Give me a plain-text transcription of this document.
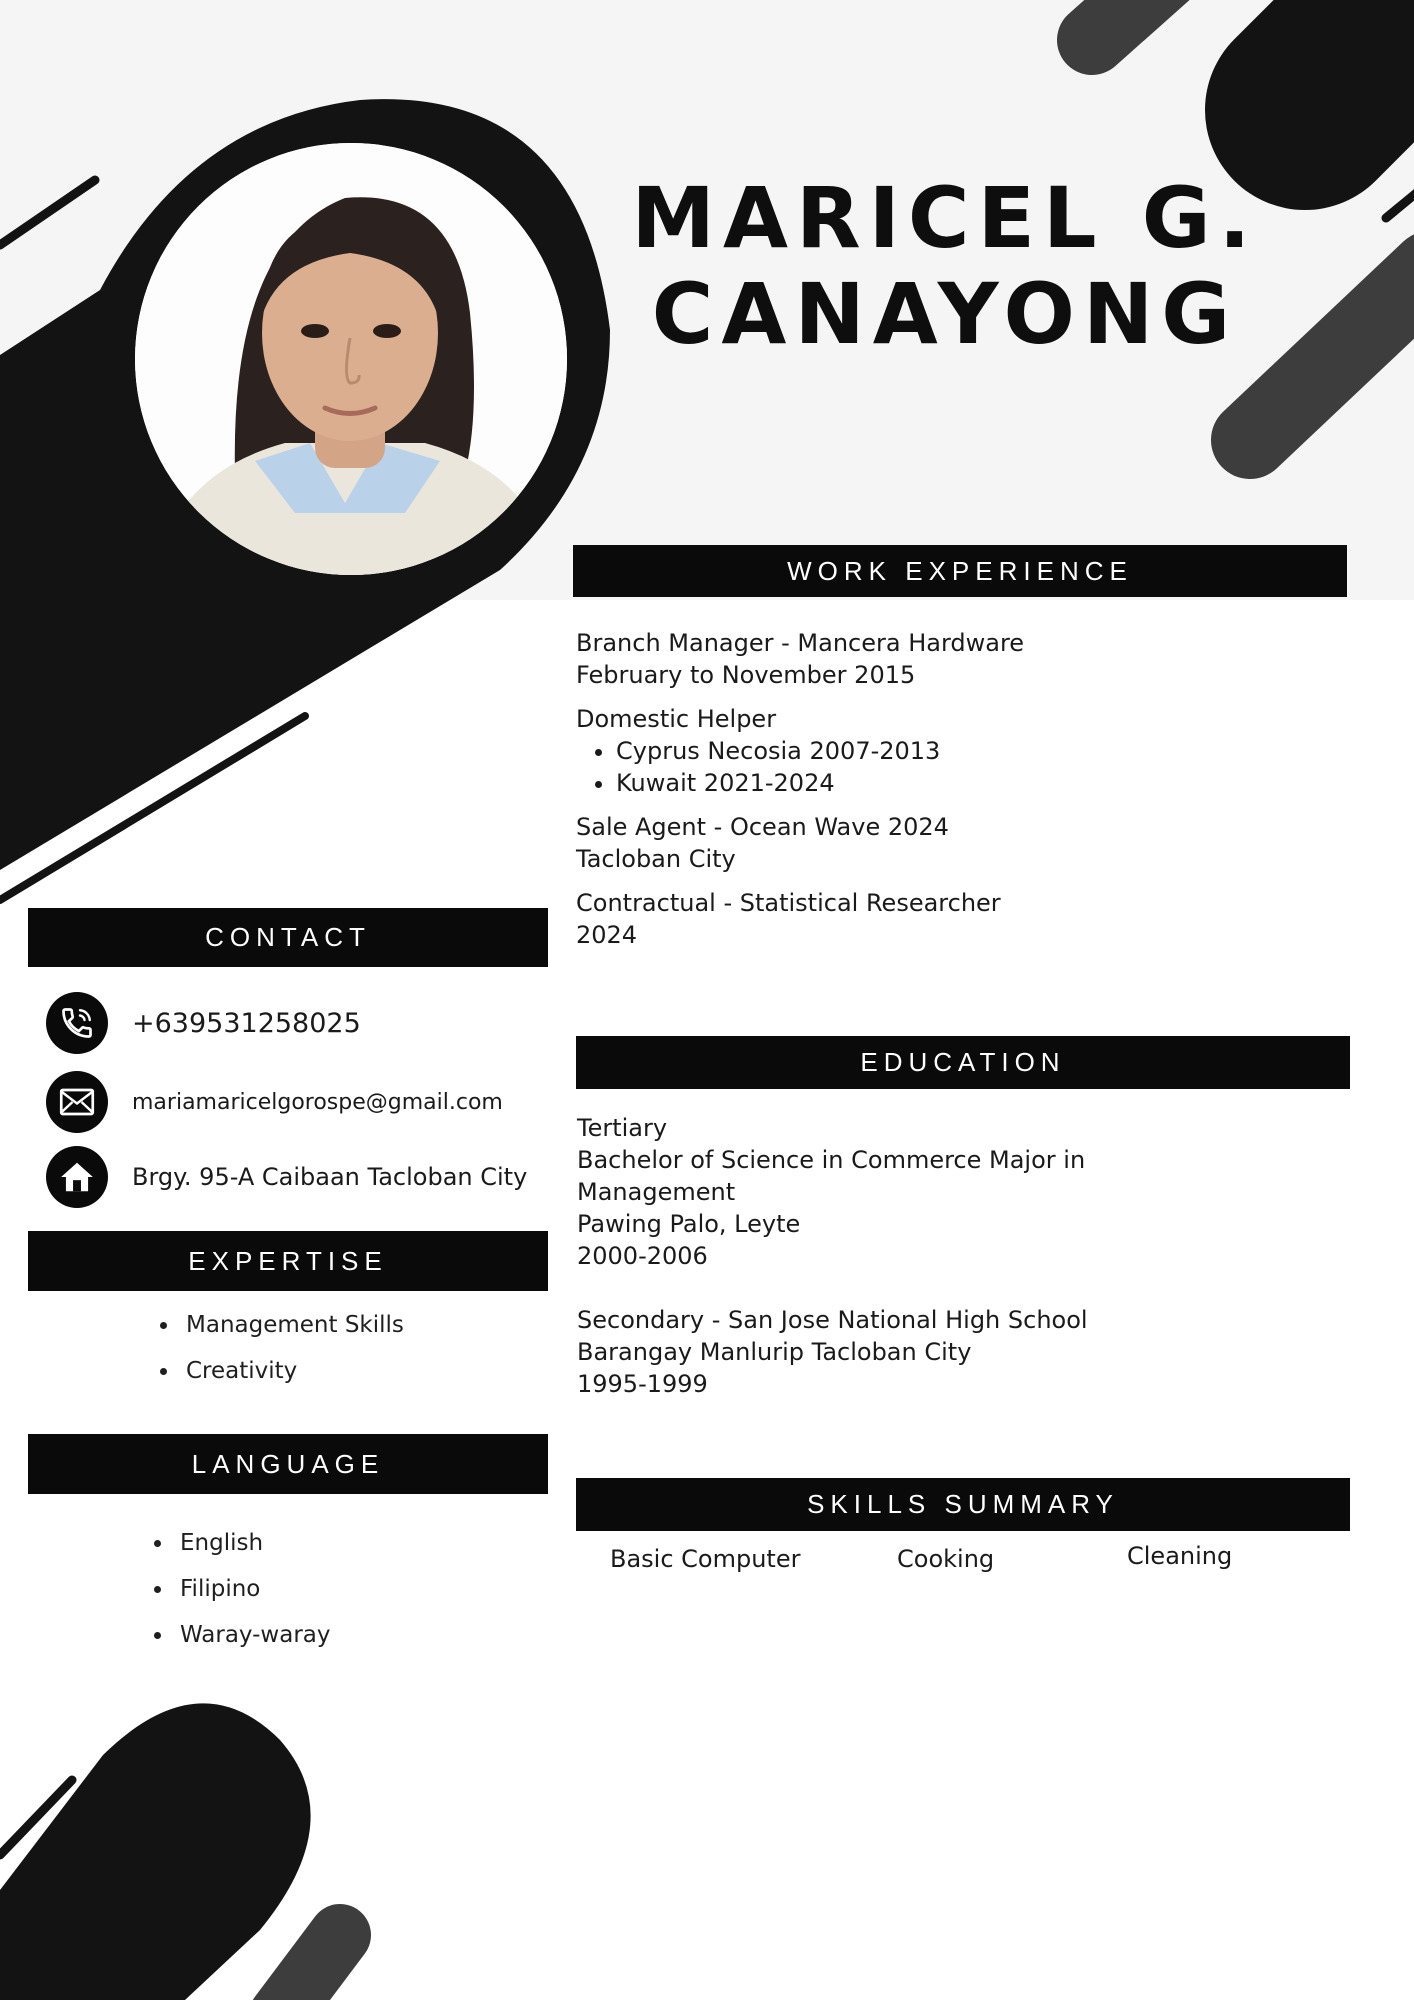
MARICEL G.
CANAYONG
WORK EXPERIENCE

Branch Manager - Mancera Hardware

February to November 2015

Domestic Helper

• Cyprus Necosia 2007-2013
• Kuwait 2021-2024

Sale Agent - Ocean Wave 2024

Tacloban City

Contractual - Statistical Researcher

2024

CONTACT
+639531258025
mariamaricelgorospe@gmail.com
Brgy. 95-A Caibaan Tacloban City
EXPERTISE
• Management Skills
• Creativity
LANGUAGE
• English
• Filipino
• Waray-waray
EDUCATION

Tertiary

Bachelor of Science in Commerce Major in

Management

Pawing Palo, Leyte

2000-2006

Secondary - San Jose National High School

Barangay Manlurip Tacloban City

1995-1999

SKILLS SUMMARY
Basic Computer	Cooking	Cleaning
